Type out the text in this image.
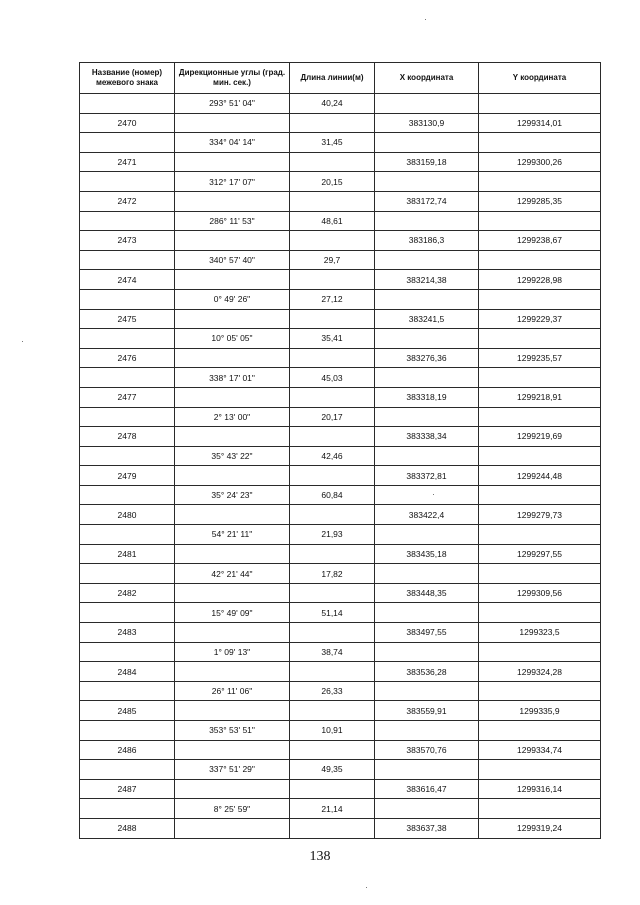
Название (номер) межевого знака	Дирекционные углы (град. мин. сек.)	Длина линии(м)	X координата	Y координата
	293° 51' 04"	40,24		
2470			383130,9	1299314,01
	334° 04' 14"	31,45		
2471			383159,18	1299300,26
	312° 17' 07"	20,15		
2472			383172,74	1299285,35
	286° 11' 53"	48,61		
2473			383186,3	1299238,67
	340° 57' 40"	29,7		
2474			383214,38	1299228,98
	0° 49' 26"	27,12		
2475			383241,5	1299229,37
	10° 05' 05"	35,41		
2476			383276,36	1299235,57
	338° 17' 01"	45,03		
2477			383318,19	1299218,91
	2° 13' 00"	20,17		
2478			383338,34	1299219,69
	35° 43' 22"	42,46		
2479			383372,81	1299244,48
	35° 24' 23"	60,84		
2480			383422,4	1299279,73
	54° 21' 11"	21,93		
2481			383435,18	1299297,55
	42° 21' 44"	17,82		
2482			383448,35	1299309,56
	15° 49' 09"	51,14		
2483			383497,55	1299323,5
	1° 09' 13"	38,74		
2484			383536,28	1299324,28
	26° 11' 06"	26,33		
2485			383559,91	1299335,9
	353° 53' 51"	10,91		
2486			383570,76	1299334,74
	337° 51' 29"	49,35		
2487			383616,47	1299316,14
	8° 25' 59"	21,14		
2488			383637,38	1299319,24
138
